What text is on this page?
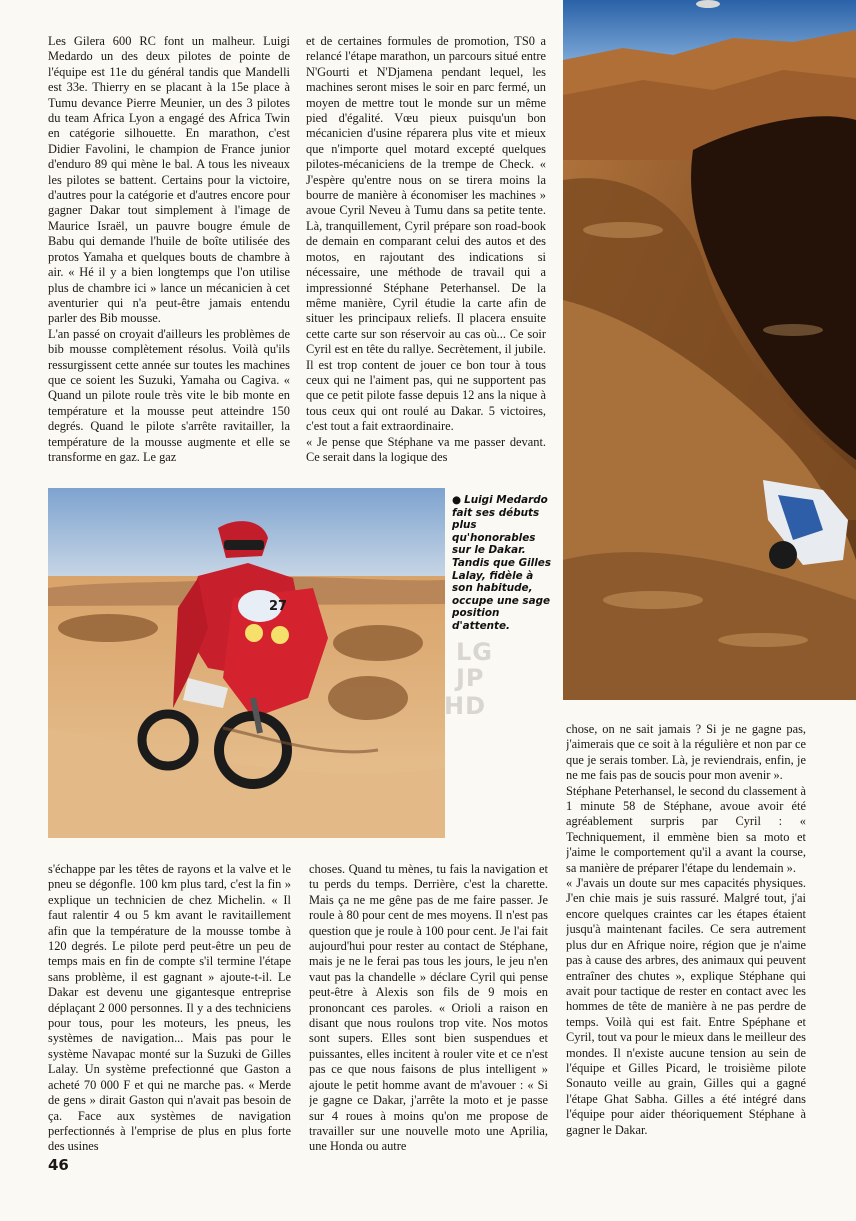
Les Gilera 600 RC font un malheur. Luigi Medardo un des deux pilotes de pointe de l'équipe est 11e du général tandis que Mandelli est 33e. Thierry en se placant à la 15e place à Tumu devance Pierre Meunier, un des 3 pilotes du team Africa Lyon a engagé des Africa Twin en catégorie silhouette. En marathon, c'est Didier Favolini, le champion de France junior d'enduro 89 qui mène le bal. A tous les niveaux les pilotes se battent. Certains pour la victoire, d'autres pour la catégorie et d'autres encore pour gagner Dakar tout simplement à l'image de Maurice Israël, un pauvre bougre émule de Babu qui demande l'huile de boîte utilisée des protos Yamaha et quelques bouts de chambre à air. « Hé il y a bien longtemps que l'on utilise plus de chambre ici » lance un mécanicien à cet aventurier qui n'a peut-être jamais entendu parler des Bib mousse.

L'an passé on croyait d'ailleurs les problèmes de bib mousse complètement résolus. Voilà qu'ils ressurgissent cette année sur toutes les machines que ce soient les Suzuki, Yamaha ou Cagiva. « Quand un pilote roule très vite le bib monte en température et la mousse peut atteindre 150 degrés. Quand le pilote s'arrête ravitailler, la température de la mousse augmente et elle se transforme en gaz. Le gaz

et de certaines formules de promotion, TS0 a relancé l'étape marathon, un parcours situé entre N'Gourti et N'Djamena pendant lequel, les machines seront mises le soir en parc fermé, un moyen de mettre tout le monde sur un même pied d'égalité. Vœu pieux puisqu'un bon mécanicien d'usine réparera plus vite et mieux que n'importe quel motard excepté quelques pilotes-mécaniciens de la trempe de Check. « J'espère qu'entre nous on se tirera moins la bourre de manière à économiser les machines » avoue Cyril Neveu à Tumu dans sa petite tente. Là, tranquillement, Cyril prépare son road-book de demain en comparant celui des autos et des motos, en rajoutant des indications si nécessaire, une méthode de travail qui a impressionné Stéphane Peterhansel. De la même manière, Cyril étudie la carte afin de situer les principaux reliefs. Il placera ensuite cette carte sur son réservoir au cas où... Ce soir Cyril est en tête du rallye. Secrètement, il jubile. Il est trop content de jouer ce bon tour à tous ceux qui ne l'aiment pas, qui ne supportent pas que ce petit pilote fasse depuis 12 ans la nique à tous ceux qui ont roulé au Dakar. 5 victoires, c'est tout a fait extraordinaire.

« Je pense que Stéphane va me passer devant. Ce serait dans la logique des

27
● Luigi Medardo fait ses débuts plus qu'honorables sur le Dakar. Tandis que Gilles Lalay, fidèle à son habitude, occupe une sage position d'attente.
LG
JP
HD

s'échappe par les têtes de rayons et la valve et le pneu se dégonfle. 100 km plus tard, c'est la fin » explique un technicien de chez Michelin. « Il faut ralentir 4 ou 5 km avant le ravitaillement afin que la température de la mousse tombe à 120 degrés. Le pilote perd peut-être un peu de temps mais en fin de compte s'il termine l'étape sans problème, il est gagnant » ajoute-t-il. Le Dakar est devenu une gigantesque entreprise déplaçant 2 000 personnes. Il y a des techniciens pour tous, pour les moteurs, les pneus, les systèmes de navigation... Mais pas pour le système Navapac monté sur la Suzuki de Gilles Lalay. Un système prefectionné que Gaston a acheté 70 000 F et qui ne marche pas. « Merde de gens » dirait Gaston qui n'avait pas besoin de ça. Face aux systèmes de navigation perfectionnés à l'emprise de plus en plus forte des usines

choses. Quand tu mènes, tu fais la navigation et tu perds du temps. Derrière, c'est la charette. Mais ça ne me gêne pas de me faire passer. Je roule à 80 pour cent de mes moyens. Il n'est pas question que je roule à 100 pour cent. Je l'ai fait aujourd'hui pour rester au contact de Stéphane, mais je ne le ferai pas tous les jours, le jeu n'en vaut pas la chandelle » déclare Cyril qui pense peut-être à Alexis son fils de 9 mois en prononcant ces paroles. « Orioli a raison en disant que nous roulons trop vite. Nos motos sont supers. Elles sont bien suspendues et puissantes, elles incitent à rouler vite et ce n'est pas ce que nous faisons de plus intelligent » ajoute le petit homme avant de m'avouer : « Si je gagne ce Dakar, j'arrête la moto et je passe sur 4 roues à moins qu'on me propose de travailler sur une nouvelle moto une Aprilia, une Honda ou autre

chose, on ne sait jamais ? Si je ne gagne pas, j'aimerais que ce soit à la régulière et non par ce que je serais tomber. Là, je reviendrais, enfin, je ne me fais pas de soucis pour mon avenir ».

Stéphane Peterhansel, le second du classement à 1 minute 58 de Stéphane, avoue avoir été agréablement surpris par Cyril : « Techniquement, il emmène bien sa moto et j'aime le comportement qu'il a avant la course, sa manière de préparer l'étape du lendemain ».

« J'avais un doute sur mes capacités physiques. J'en chie mais je suis rassuré. Malgré tout, j'ai encore quelques craintes car les étapes étaient jusqu'à maintenant faciles. Ce sera autrement plus dur en Afrique noire, région que je n'aime pas à cause des arbres, des animaux qui peuvent entraîner des chutes », explique Stéphane qui avait pour tactique de rester en contact avec les hommes de tête de manière à ne pas perdre de temps. Voilà qui est fait. Entre Spéphane et Cyril, tout va pour le mieux dans le meilleur des mondes. Il n'existe aucune tension au sein de l'équipe et Gilles Picard, le troisième pilote Sonauto veille au grain, Gilles qui a gagné l'étape Ghat Sabha. Gilles a été intégré dans l'équipe pour aider théoriquement Stéphane à gagner le Dakar.

46
